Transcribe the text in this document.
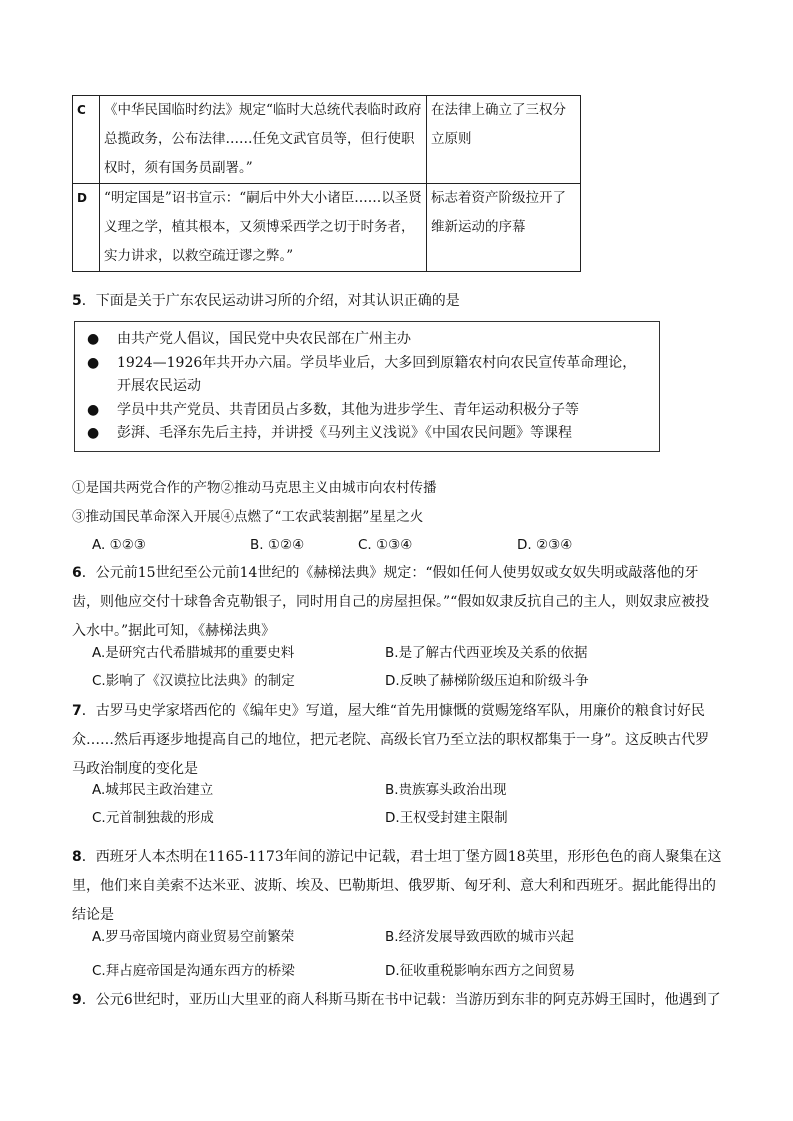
C	《中华民国临时约法》规定“临时大总统代表临时政府总揽政务，公布法律‥‥‥任免文武官员等，但行使职权时，须有国务员副署。”	在法律上确立了三权分立原则
D	“明定国是”诏书宣示：“嗣后中外大小诸臣‥‥‥以圣贤义理之学，植其根本，又须博采西学之切于时务者，实力讲求，以救空疏迂谬之弊。”	标志着资产阶级拉开了维新运动的序幕
5．下面是关于广东农民运动讲习所的介绍，对其认识正确的是
● 由共产党人倡议，国民党中央农民部在广州主办
● 1924—1926年共开办六届。学员毕业后，大多回到原籍农村向农民宣传革命理论，开展农民运动
● 学员中共产党员、共青团员占多数，其他为进步学生、青年运动积极分子等
● 彭湃、毛泽东先后主持，并讲授《马列主义浅说》《中国农民问题》等课程
①是国共两党合作的产物②推动马克思主义由城市向农村传播
③推动国民革命深入开展④点燃了“工农武装割据”星星之火
A. ①②③	B. ①②④	C. ①③④	D. ②③④
6．公元前15世纪至公元前14世纪的《赫梯法典》规定：“假如任何人使男奴或女奴失明或敲落他的牙齿，则他应交付十球鲁舍克勒银子，同时用自己的房屋担保。”“假如奴隶反抗自己的主人，则奴隶应被投入水中。”据此可知，《赫梯法典》
A.是研究古代希腊城邦的重要史料	B.是了解古代西亚埃及关系的依据
C.影响了《汉谟拉比法典》的制定	D.反映了赫梯阶级压迫和阶级斗争
7．古罗马史学家塔西佗的《编年史》写道，屋大维“首先用慷慨的赏赐笼络军队，用廉价的粮食讨好民众‥‥‥然后再逐步地提高自己的地位，把元老院、高级长官乃至立法的职权都集于一身”。这反映古代罗马政治制度的变化是
A.城邦民主政治建立	B.贵族寡头政治出现
C.元首制独裁的形成	D.王权受封建主限制
8．西班牙人本杰明在1165-1173年间的游记中记载，君士坦丁堡方圆18英里，形形色色的商人聚集在这里，他们来自美索不达米亚、波斯、埃及、巴勒斯坦、俄罗斯、匈牙利、意大利和西班牙。据此能得出的结论是
A.罗马帝国境内商业贸易空前繁荣	B.经济发展导致西欧的城市兴起
C.拜占庭帝国是沟通东西方的桥梁	D.征收重税影响东西方之间贸易
9．公元6世纪时，亚历山大里亚的商人科斯马斯在书中记载：当游历到东非的阿克苏姆王国时，他遇到了
